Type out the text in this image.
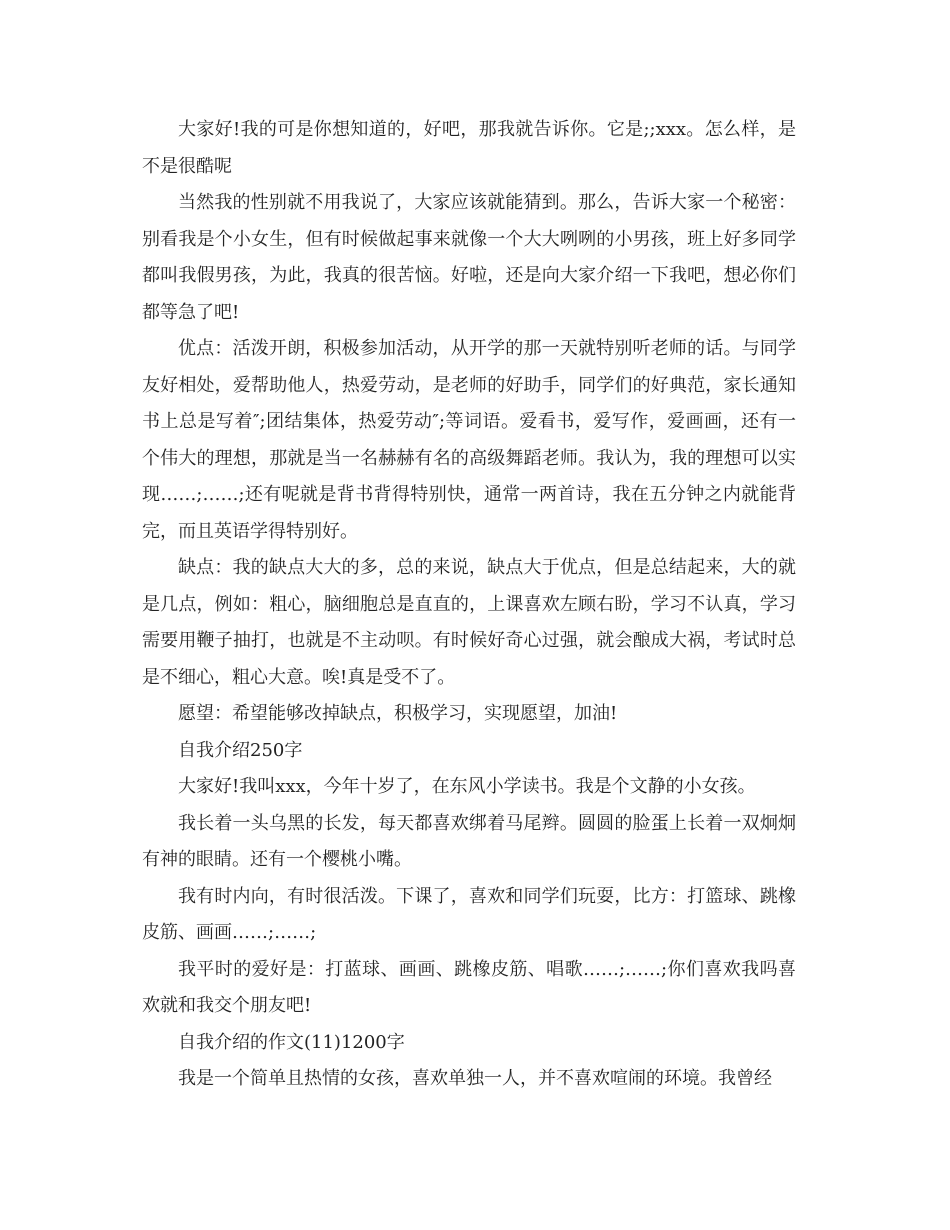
大家好!我的可是你想知道的，好吧，那我就告诉你。它是;;xxx。怎么样，是不是很酷呢

当然我的性别就不用我说了，大家应该就能猜到。那么，告诉大家一个秘密：别看我是个小女生，但有时候做起事来就像一个大大咧咧的小男孩，班上好多同学都叫我假男孩，为此，我真的很苦恼。好啦，还是向大家介绍一下我吧，想必你们都等急了吧!

优点：活泼开朗，积极参加活动，从开学的那一天就特别听老师的话。与同学友好相处，爱帮助他人，热爱劳动，是老师的好助手，同学们的好典范，家长通知书上总是写着″;团结集体，热爱劳动″;等词语。爱看书，爱写作，爱画画，还有一个伟大的理想，那就是当一名赫赫有名的高级舞蹈老师。我认为，我的理想可以实现……;……;还有呢就是背书背得特别快，通常一两首诗，我在五分钟之内就能背完，而且英语学得特别好。

缺点：我的缺点大大的多，总的来说，缺点大于优点，但是总结起来，大的就是几点，例如：粗心，脑细胞总是直直的，上课喜欢左顾右盼，学习不认真，学习需要用鞭子抽打，也就是不主动呗。有时候好奇心过强，就会酿成大祸，考试时总是不细心，粗心大意。唉!真是受不了。

愿望：希望能够改掉缺点，积极学习，实现愿望，加油!

自我介绍250字

大家好!我叫xxx，今年十岁了，在东风小学读书。我是个文静的小女孩。

我长着一头乌黑的长发，每天都喜欢绑着马尾辫。圆圆的脸蛋上长着一双炯炯有神的眼睛。还有一个樱桃小嘴。

我有时内向，有时很活泼。下课了，喜欢和同学们玩耍，比方：打篮球、跳橡皮筋、画画……;……;

我平时的爱好是：打蓝球、画画、跳橡皮筋、唱歌……;……;你们喜欢我吗喜欢就和我交个朋友吧!

自我介绍的作文(11)1200字

我是一个简单且热情的女孩，喜欢单独一人，并不喜欢喧闹的环境。我曾经
